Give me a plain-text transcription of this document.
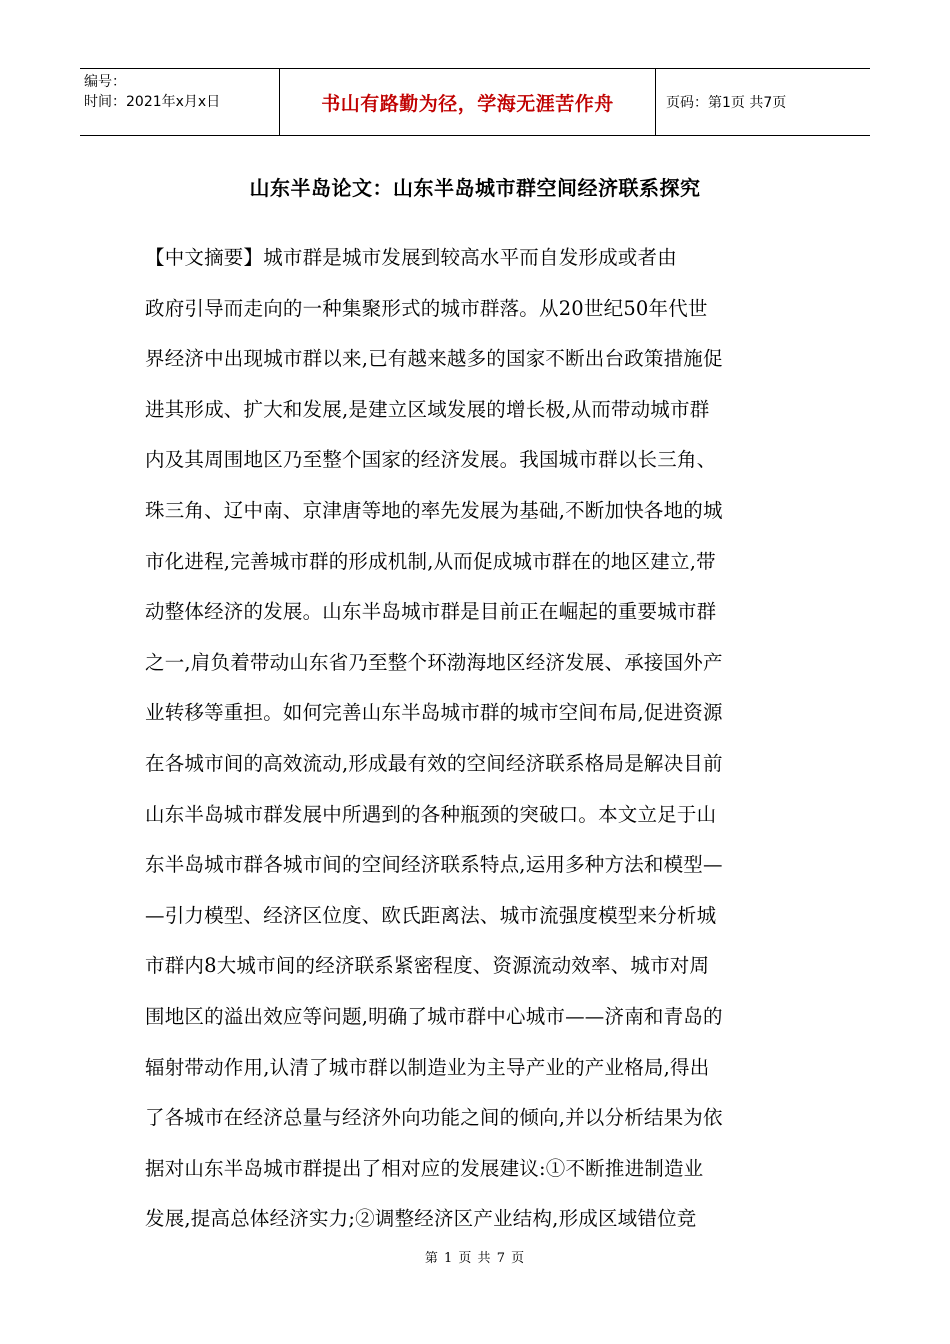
编号：
时间：2021年x月x日	书山有路勤为径，学海无涯苦作舟	页码：第1页 共7页
山东半岛论文：山东半岛城市群空间经济联系探究
【中文摘要】城市群是城市发展到较高水平而自发形成或者由
政府引导而走向的一种集聚形式的城市群落。从20世纪50年代世
界经济中出现城市群以来,已有越来越多的国家不断出台政策措施促
进其形成、扩大和发展,是建立区域发展的增长极,从而带动城市群
内及其周围地区乃至整个国家的经济发展。我国城市群以长三角、
珠三角、辽中南、京津唐等地的率先发展为基础,不断加快各地的城
市化进程,完善城市群的形成机制,从而促成城市群在的地区建立,带
动整体经济的发展。山东半岛城市群是目前正在崛起的重要城市群
之一,肩负着带动山东省乃至整个环渤海地区经济发展、承接国外产
业转移等重担。如何完善山东半岛城市群的城市空间布局,促进资源
在各城市间的高效流动,形成最有效的空间经济联系格局是解决目前
山东半岛城市群发展中所遇到的各种瓶颈的突破口。本文立足于山
东半岛城市群各城市间的空间经济联系特点,运用多种方法和模型—
—引力模型、经济区位度、欧氏距离法、城市流强度模型来分析城
市群内8大城市间的经济联系紧密程度、资源流动效率、城市对周
围地区的溢出效应等问题,明确了城市群中心城市——济南和青岛的
辐射带动作用,认清了城市群以制造业为主导产业的产业格局,得出
了各城市在经济总量与经济外向功能之间的倾向,并以分析结果为依
据对山东半岛城市群提出了相对应的发展建议:①不断推进制造业
发展,提高总体经济实力;②调整经济区产业结构,形成区域错位竞
第 1 页 共 7 页
